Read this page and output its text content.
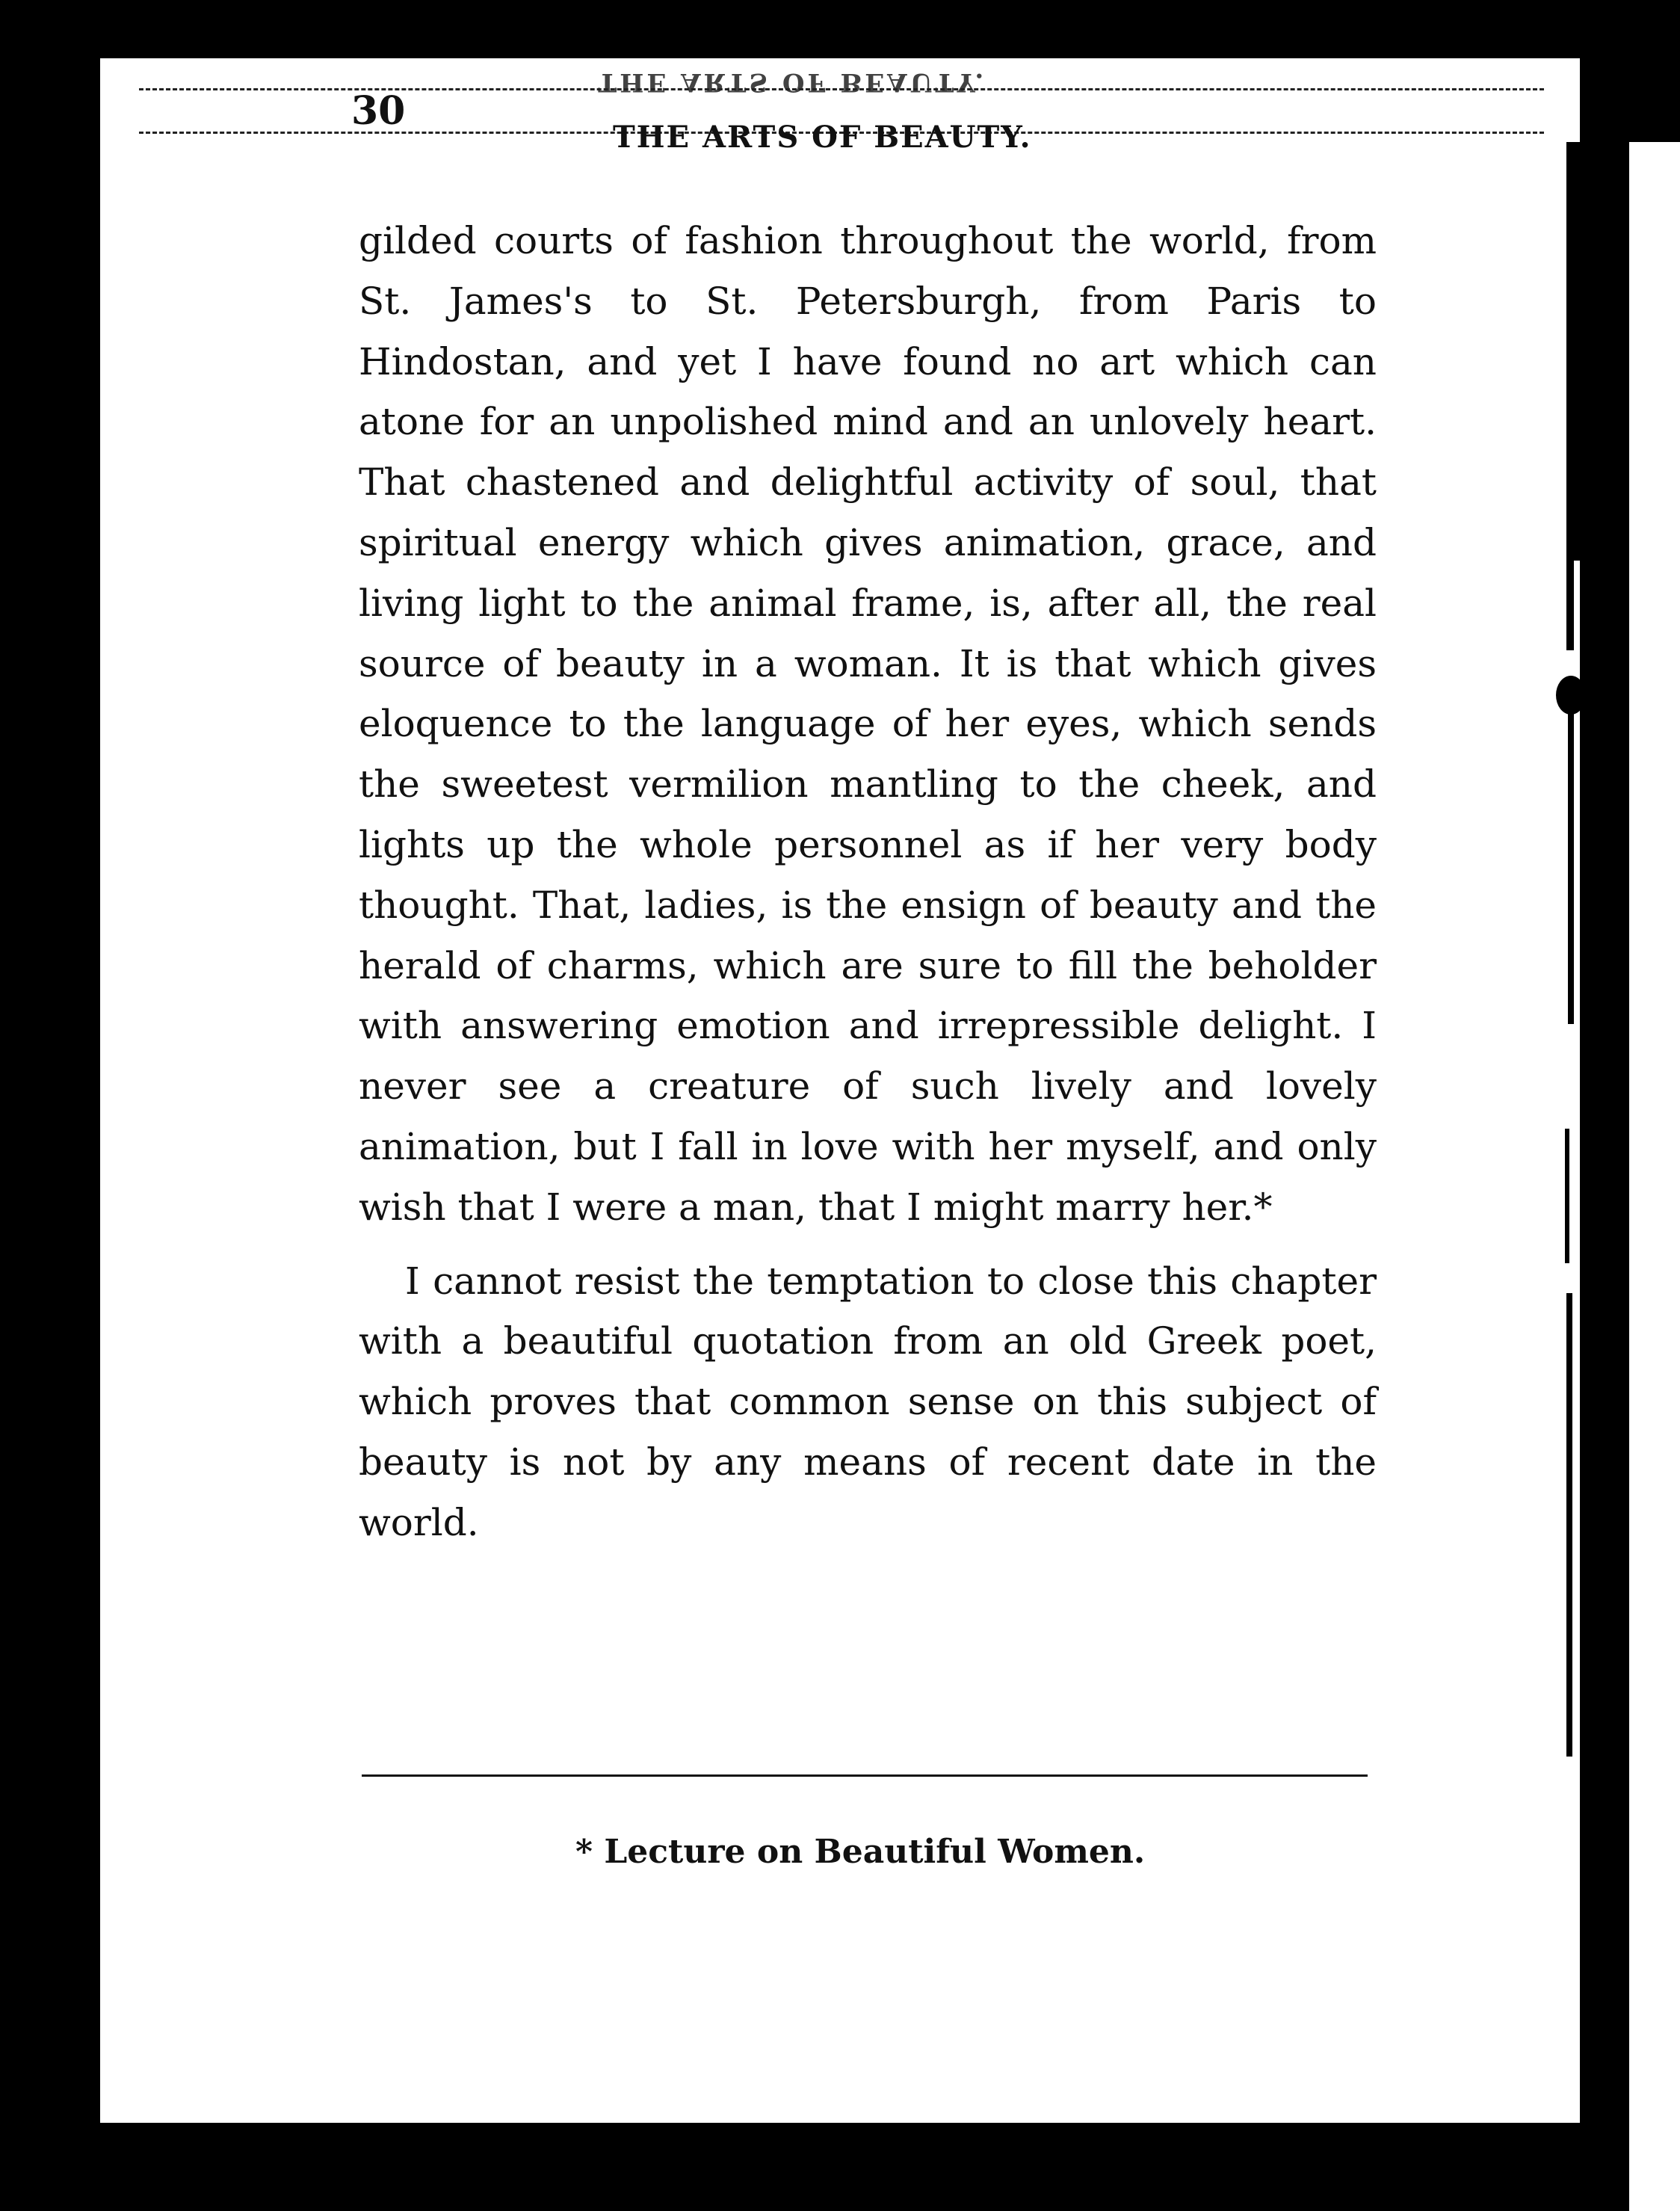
THE ARTS OF BEAUTY.
30
THE ARTS OF BEAUTY.

gilded courts of fashion throughout the world, from St. James's to St. Petersburgh, from Paris to Hindostan, and yet I have found no art which can atone for an unpolished mind and an unlovely heart. That chastened and delightful activity of soul, that spiritual energy which gives animation, grace, and living light to the animal frame, is, after all, the real source of beauty in a woman. It is that which gives eloquence to the language of her eyes, which sends the sweetest vermilion mantling to the cheek, and lights up the whole personnel as if her very body thought. That, ladies, is the ensign of beauty and the herald of charms, which are sure to fill the beholder with answering emotion and irrepressible delight. I never see a creature of such lively and lovely animation, but I fall in love with her myself, and only wish that I were a man, that I might marry her.*

I cannot resist the temptation to close this chapter with a beautiful quotation from an old Greek poet, which proves that common sense on this subject of beauty is not by any means of recent date in the world.

* Lecture on Beautiful Women.
